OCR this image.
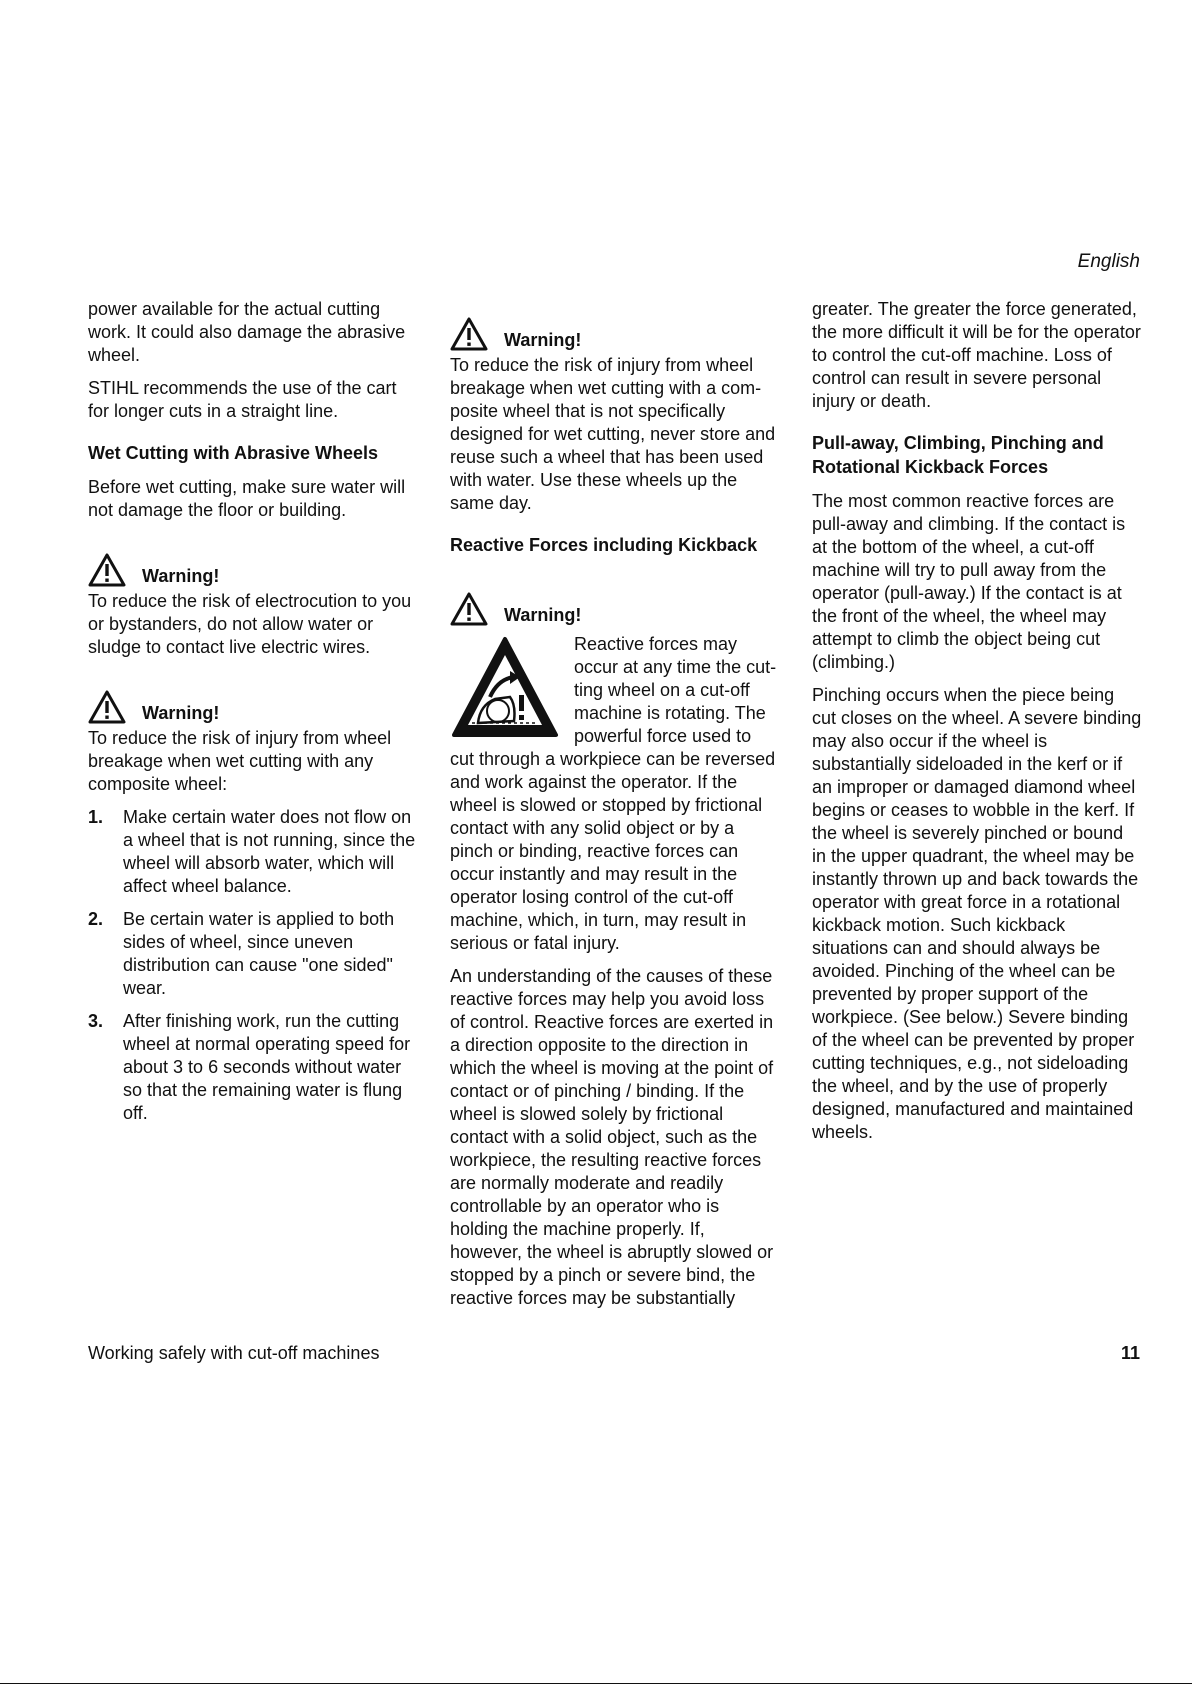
English

power available for the actual cutting work. It could also damage the abrasive wheel.

STIHL recommends the use of the cart for longer cuts in a straight line.

Wet Cutting with Abrasive Wheels

Before wet cutting, make sure water will not damage the floor or building.

Warning!

To reduce the risk of electrocution to you or bystanders, do not allow water or sludge to contact live electric wires.

Warning!

To reduce the risk of injury from wheel breakage when wet cutting with any composite wheel:

1.	Make certain water does not flow on a wheel that is not running, since the wheel will absorb water, which will affect wheel balance.
2.	Be certain water is applied to both sides of wheel, since uneven distribution can cause "one sided" wear.
3.	After finishing work, run the cutting wheel at normal operating speed for about 3 to 6 seconds without water so that the remaining water is flung off.
Warning!

To reduce the risk of injury from wheel breakage when wet cutting with a com-posite wheel that is not specifically designed for wet cutting, never store and reuse such a wheel that has been used with water. Use these wheels up the same day.

Reactive Forces including Kickback

Warning!

Reactive forces may occur at any time the cut-ting wheel on a cut-off machine is rotating. The powerful force used to cut through a workpiece can be reversed and work against the operator. If the wheel is slowed or stopped by frictional contact with any solid object or by a pinch or binding, reactive forces can occur instantly and may result in the operator losing control of the cut-off machine, which, in turn, may result in serious or fatal injury.

An understanding of the causes of these reactive forces may help you avoid loss of control. Reactive forces are exerted in a direction opposite to the direction in which the wheel is moving at the point of contact or of pinching / binding. If the wheel is slowed solely by frictional contact with a solid object, such as the workpiece, the resulting reactive forces are normally moderate and readily controllable by an operator who is holding the machine properly. If, however, the wheel is abruptly slowed or stopped by a pinch or severe bind, the reactive forces may be substantially

greater. The greater the force generated, the more difficult it will be for the operator to control the cut-off machine. Loss of control can result in severe personal injury or death.

Pull-away, Climbing, Pinching and Rotational Kickback Forces

The most common reactive forces are pull-away and climbing. If the contact is at the bottom of the wheel, a cut-off machine will try to pull away from the operator (pull-away.) If the contact is at the front of the wheel, the wheel may attempt to climb the object being cut (climbing.)

Pinching occurs when the piece being cut closes on the wheel. A severe binding may also occur if the wheel is substantially sideloaded in the kerf or if an improper or damaged diamond wheel begins or ceases to wobble in the kerf. If the wheel is severely pinched or bound in the upper quadrant, the wheel may be instantly thrown up and back towards the operator with great force in a rotational kickback motion. Such kickback situations can and should always be avoided. Pinching of the wheel can be prevented by proper support of the workpiece. (See below.) Severe binding of the wheel can be prevented by proper cutting techniques, e.g., not sideloading the wheel, and by the use of properly designed, manufactured and maintained wheels.

Working safely with cut-off machines	11
